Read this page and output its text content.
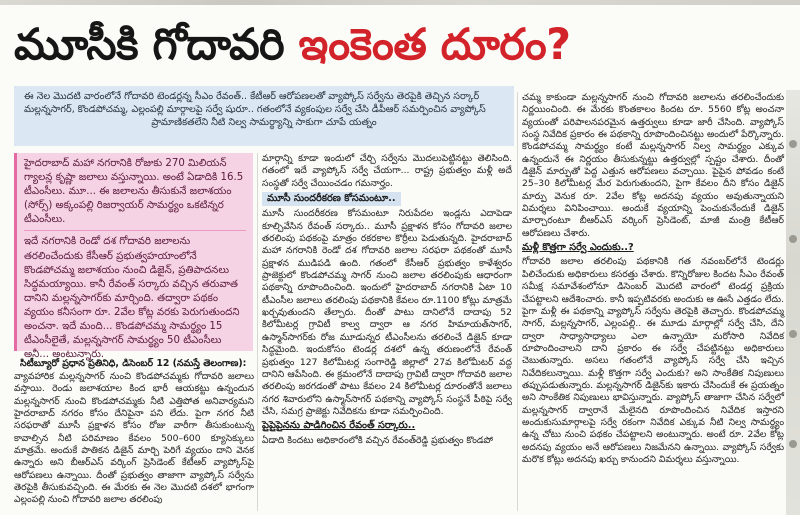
మూసీకి గోదావరి ఇంకెంత దూరం?

ఈ నెల మొదటి వారంలోనే గోదావరి టెండర్లన్న సీఎం రేవంత్.. కేటీఆర్ ఆరోపణలతో వ్యాప్కోస్ సర్వేను తెరపైకి తెచ్చిన సర్కార్

మల్లన్నసాగర్, కొండపోచమ్మ, ఎల్లంపల్లి మార్గాలపై సర్వే షురూ.. గతంలోనే వ్యకంపుల సర్వే చేసి డీపీఆర్ సమర్పించిన వ్యాప్కోస్

ప్రామాణికతలేని నీటి నిల్వ సామర్థ్యాన్ని సాకుగా చూపే యత్నం

హైదరాబాద్ మహా నగరానికి రోజుకు 270 మిలియన్ గ్యాలన్ల కృష్ణా జలాలు వస్తున్నాయి. అంటే ఏడాదికి 16.5 టీఎంసీలు. మూ... ఈ జలాలను తీసుకునే జలాశయం (సోర్స్) అక్కంపల్లి రిజర్వాయర్ సామర్థ్యం ఒకటిన్నర టీఎంసీలు.

ఇదే నగరానికి రెండో దశ గోదావరి జలాలను తరలించేందుకు కేసీఆర్ ప్రభుత్వహయాంలోనే కొండపోచమ్మ జలాశయం నుంచి డిజైన్, ప్రతిపాదనలు సిద్ధమయ్యాయి. కానీ రేవంత్ సర్కారు వచ్చిన తరువాత దానిని మల్లన్నసాగర్‌కు మార్చింది. తద్వారా పథకం వ్యయం కనీసంగా రూ. 2వేల కోట్ల వరకు పెరుగుతుందని అంచనా. ఇదే మంది... కొండపోచమ్మ సామర్థ్యం 15 టీఎంసీలైతే, మల్లన్నసాగర్ సామర్థ్యం 50 టీఎంసీలు అనీ... అంటున్నారు.

సిటీబ్యూరో ప్రధాన ప్రతినిధి, డిసెంబర్ 12 (నమస్తే తెలంగాణ):

వ్యావహారిక మల్లన్నసాగర్ నుంచి కొండపోచమ్మకు గోదావరి జలాలు వస్తాయి. రెండు జలాశయాల కింద భారీ ఆయకట్టు ఉన్నందున మల్లన్నసాగర్ నుంచి కొండపోచమ్మకు నీటి ఎత్తిపోత అనివార్యమని హైదరాబాద్ నగరం కోసం దేనిపైనా పని లేదు. పైగా నగర నీటి సరఫరాతో మూసీ ప్రక్షాళన కోసం రోజు వారీగా తీసుకుంటున్న కావాల్సిన నీటి పరిమాణం కేవలం 500–600 క్యూసెక్కులు మాత్రమే. అందుకే పాతికన డిజైన్ మార్చి పెరిగే వ్యయం దాని వెనక ఉన్నారు అని బీఆర్‌ఎస్ వర్కింగ్ ప్రెసిడెంట్ కేటీఆర్ వ్యాప్కోస్‌పై ఆరోపణలు ఉన్నాయి. దీంతో ప్రభుత్వం తాజాగా వ్యాప్కోస్ సర్వేను తెరపైకి తీసుకువచ్చింది. ఈ మేరకు ఈ నెల మొదటి దశలో భాగంగా ఎల్లంపల్లి నుంచి గోదావరి జలాల తరలింపు

మార్గాన్ని కూడా ఇందులో చేర్చి సర్వేను మొదలుపెట్టినట్టు తెలిసింది. గతంలో ఇదే వ్యాప్కోస్ సర్వే చేయగా... రాష్ట్ర ప్రభుత్వం మళ్లీ అదే సంస్థతో సర్వే చేయించడం గమనార్హం.

మూసీ సుందరీకరణ కోసమంటూ..

మూసీ సుందరీకరణ కోసమంటూ నిరుపేదల ఇండ్లను ఎదాపెడా కూల్చివేసిన రేవంత్ సర్కారు.. మూసీ ప్రక్షాళన కోసం గోదావరి జలాల తరలింపు పథకంపై మాత్రం రకరకాల కొర్రీలు పెడుతున్నది. హైదరాబాద్ మహా నగరానికి రెండో దశ గోదావరి జలాల సరఫరా పథకంతో మూసీ ప్రక్షాళన ముడిపడి ఉంది. గతంలో కేసీఆర్ ప్రభుత్వం కాళేశ్వరం ప్రాజెక్టులో కొండపోచమ్మ సాగర్ నుంచి జలాల తరలింపుకు ఆధారంగా పథకాన్ని రూపొందించింది. ఇందులో హైదరాబాద్ నగరానికి ఏటా 10 టీఎంసీల జలాలు తరలింపు పథకానికి కేవలం రూ.1100 కోట్లు మాత్రమే ఖర్చవుతుందని తేల్చారు. దీంతో పాటు దానిలోనే దాదాపు 52 కిలోమీటర్ల గ్రావిటీ కాల్వ ద్వారా ఆ నగర హిమాయత్‌సాగర్, ఉస్మాన్‌సాగర్‌కు రోజ మూడున్నర టీఎంసీలను తరలించే డిజైన్ కూడా సిద్ధమైంది. ఇందుకోసం టెండర్ల దశలో ఉన్న తరుణంలోనే రేవంత్ ప్రభుత్వం 127 కిలోమీటర్ల సంగారెడ్డి జిల్లాలో 27వ కిలోమీటర్ వద్ద దానిని ఆపేసింది. ఈ క్రమంలోనే దాదాపు గ్రావిటీ ద్వారా గోదావరి జలాల తరలింపు జరగడంతో పాటు కేవలం 24 కిలోమీటర్ల దూరంతోనే జలాలు నగర శివారులోని ఉస్మాన్‌సాగర్ పథకాన్ని వ్యాప్కోస్ సంస్థనే పీఠిపై సర్వే చేసి, సమగ్ర ప్రాజెక్టు నివేదికను కూడా సమర్పించింది.

పైపైపైనను పాడిగించిన రేవంత్ సర్కారు..

ఏడాది కిందటు అధికారంలోకి వచ్చిన రేవంత్‌రెడ్డి ప్రభుత్వం కొండపో

చమ్మ కాకుండా మల్లన్నసాగర్ నుంచి గోదావరి జలాలను తరలించేందుకు నిర్ణయించింది. ఈ మేరకు కొంతకాలం కిందట రూ. 5560 కోట్ల అంచనా వ్యయంతో పరిపాలనపరమైన ఉత్తర్వులు కూడా జారీ చేసింది. వ్యాప్కోస్ సంస్థ నివేదిక ప్రకారం ఈ పథకాన్ని రూపొందించినట్టు అందులో పేర్కొన్నారు. కొండపోచమ్మ సామర్థ్యం కంటే మల్లన్నసాగర్ నిల్వ సామర్థ్యం ఎక్కువ ఉన్నందునే ఈ నిర్ణయం తీసుకున్నట్టు ఉత్తర్వుల్లో స్పష్టం చేశారు. దీంతో డిజైన్ మార్పుతో పెద్ద ఎత్తున ఆరోపణలు వచ్చాయి. పైపైన పోవడం కంటే 25–30 కిలోమీటర్ల మేర పెరుగుతుందని, పైగా కేవలం దీని కోసం డిజైన్ మార్పు వెనుక రూ. 2వేల కోట్ల అదనపు వ్యయం అవుతున్నాయని విమర్శలు వినిపించాయి. అందుకే వ్యయాన్ని పెంచుకునేందుకే డిజైన్ మార్చారంటూ బీఆర్‌ఎస్ వర్కింగ్ ప్రెసిడెంట్, మాజీ మంత్రి కేటీఆర్ ఆరోపణలు చేశారు.

మళ్లీ కొత్తగా సర్వే ఎందుకు..?

గోదావరి జలాల తరలింపు పథకానికి గత నవంబర్‌లోనే టెండర్లు పిలిచేందుకు అధికారులు కసరత్తు చేశారు. కొన్నిరోజుల కిందట సీఎం రేవంత్ సమీక్ష సమావేశంలోనూ డిసెంబర్ మొదటి వారంలో టెండర్ల ప్రక్రియ చేపట్టాలని ఆదేశించారు. కానీ ఇప్పటివరకు అందుకు ఆ ఊసే ఎత్తడం లేదు. పైగా మళ్లీ ఈ పథకాన్ని వ్యాప్కోస్ సర్వేను తెరపైకి తెచ్చారు. కొండపోచమ్మ సాగర్, మల్లన్నసాగర్, ఎల్లంపల్లి.. ఈ మూడు మార్గాల్లో సర్వే చేసి, దేని ద్వారా సాధ్యాసాధ్యాలు ఎలా ఉన్నాయో మరోసారి నివేదిక రూపొందించాలని దాని ప్రకారం ఈ సర్వే చేపట్టినట్టు అధికారులు చెబుతున్నారు. అసలు గతంలోనే వ్యాప్కోస్ సర్వే చేసి ఇచ్చిన నివేదికలున్నాయి. మళ్లీ కొత్తగా సర్వే ఎందుకు? అని సాంకేతిక నిపుణులు తప్పుపడుతున్నారు. మల్లన్నసాగర్ డిజైన్‌కు ఇకారు చేసిందుకే ఈ ప్రయత్నం అని సాంకేతిక నిపుణులు భావిస్తున్నారు. వ్యాప్కోస్ తాజాగా చేసిన సర్వేలో మల్లన్నసాగర్ ద్వారానే మేలైనది రూపొందించిన నివేదిక ఇస్తారని అందుకుసుమార్గాలపై సర్వే రకంగా నివేదిక ఎక్కువ నీటి నిల్వ సామర్థ్యం ఉన్న చోటు నుంచి పథకం చేపట్టాలని అంటున్నారు. అంటే రూ. 2వేల కోట్ల అదనపు వ్యయం అనే ఆరోపణలు నిజమేనని ఉన్నాయి. వ్యాప్కోస్ సర్వేకు మరొక కోట్లు అదనపు ఖర్చు కానుందని విమర్శలు వస్తున్నాయి.
